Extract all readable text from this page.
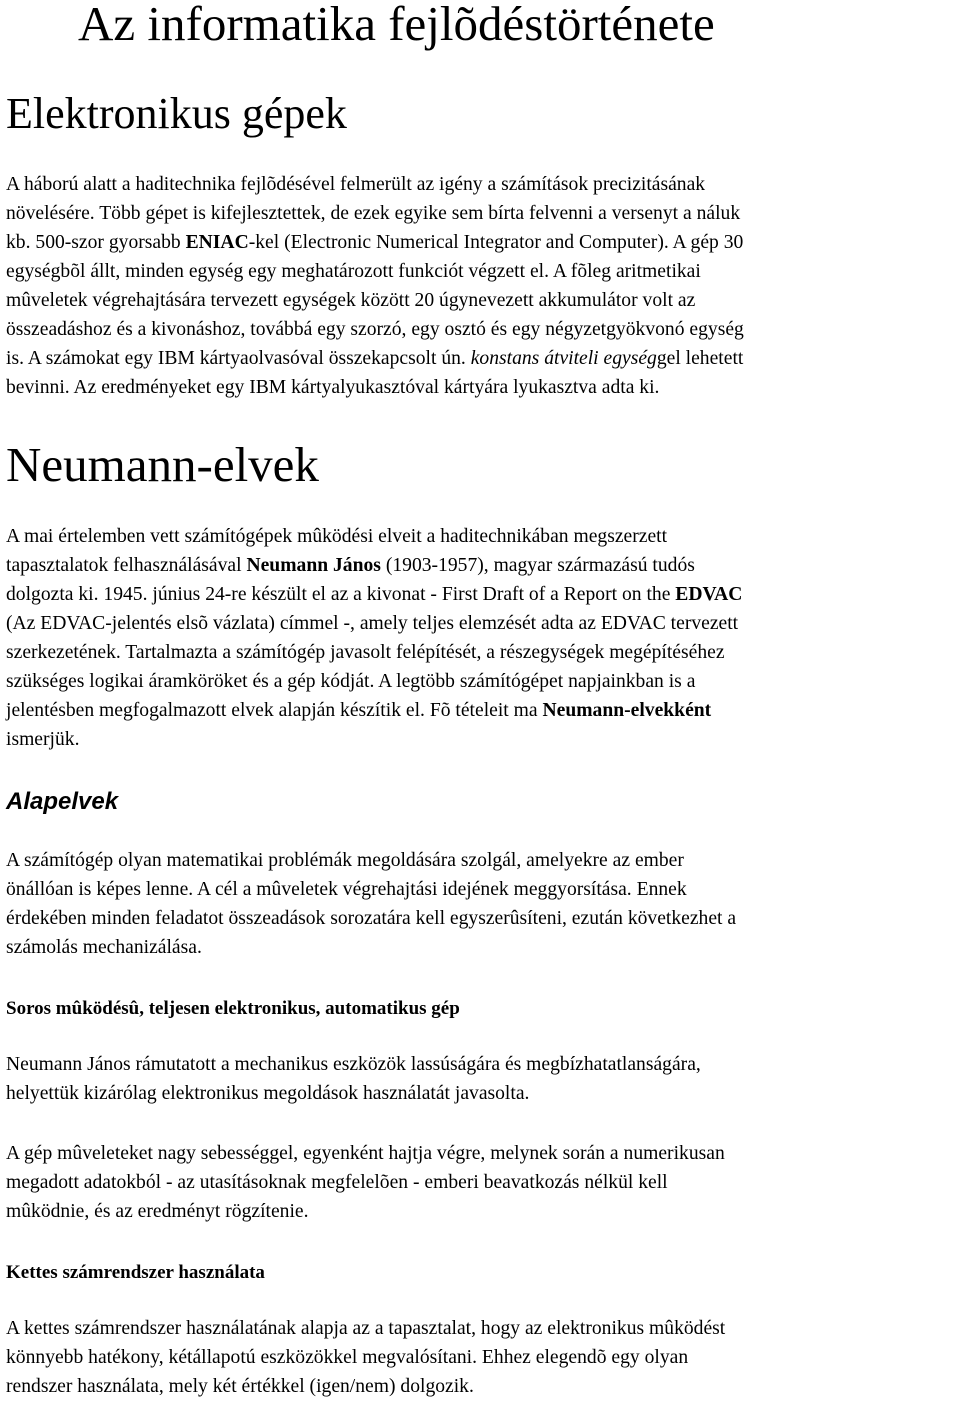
Az informatika fejlõdéstörténete
Elektronikus gépek

A háború alatt a haditechnika fejlõdésével felmerült az igény a számítások precizitásának
növelésére. Több gépet is kifejlesztettek, de ezek egyike sem bírta felvenni a versenyt a náluk
kb. 500-szor gyorsabb ENIAC-kel (Electronic Numerical Integrator and Computer). A gép 30
egységbõl állt, minden egység egy meghatározott funkciót végzett el. A fõleg aritmetikai
mûveletek végrehajtására tervezett egységek között 20 úgynevezett akkumulátor volt az
összeadáshoz és a kivonáshoz, továbbá egy szorzó, egy osztó és egy négyzetgyökvonó egység
is. A számokat egy IBM kártyaolvasóval összekapcsolt ún. konstans átviteli egységgel lehetett
bevinni. Az eredményeket egy IBM kártyalyukasztóval kártyára lyukasztva adta ki.

Neumann-elvek

A mai értelemben vett számítógépek mûködési elveit a haditechnikában megszerzett
tapasztalatok felhasználásával Neumann János (1903-1957), magyar származású tudós
dolgozta ki. 1945. június 24-re készült el az a kivonat - First Draft of a Report on the EDVAC
(Az EDVAC-jelentés elsõ vázlata) címmel -, amely teljes elemzését adta az EDVAC tervezett
szerkezetének. Tartalmazta a számítógép javasolt felépítését, a részegységek megépítéséhez
szükséges logikai áramköröket és a gép kódját. A legtöbb számítógépet napjainkban is a
jelentésben megfogalmazott elvek alapján készítik el. Fõ tételeit ma Neumann-elvekként
ismerjük.

Alapelvek

A számítógép olyan matematikai problémák megoldására szolgál, amelyekre az ember
önállóan is képes lenne. A cél a mûveletek végrehajtási idejének meggyorsítása. Ennek
érdekében minden feladatot összeadások sorozatára kell egyszerûsíteni, ezután következhet a
számolás mechanizálása.

Soros mûködésû, teljesen elektronikus, automatikus gép

Neumann János rámutatott a mechanikus eszközök lassúságára és megbízhatatlanságára,
helyettük kizárólag elektronikus megoldások használatát javasolta.

A gép mûveleteket nagy sebességgel, egyenként hajtja végre, melynek során a numerikusan
megadott adatokból - az utasításoknak megfelelõen - emberi beavatkozás nélkül kell
mûködnie, és az eredményt rögzítenie.

Kettes számrendszer használata

A kettes számrendszer használatának alapja az a tapasztalat, hogy az elektronikus mûködést
könnyebb hatékony, kétállapotú eszközökkel megvalósítani. Ehhez elegendõ egy olyan
rendszer használata, mely két értékkel (igen/nem) dolgozik.
